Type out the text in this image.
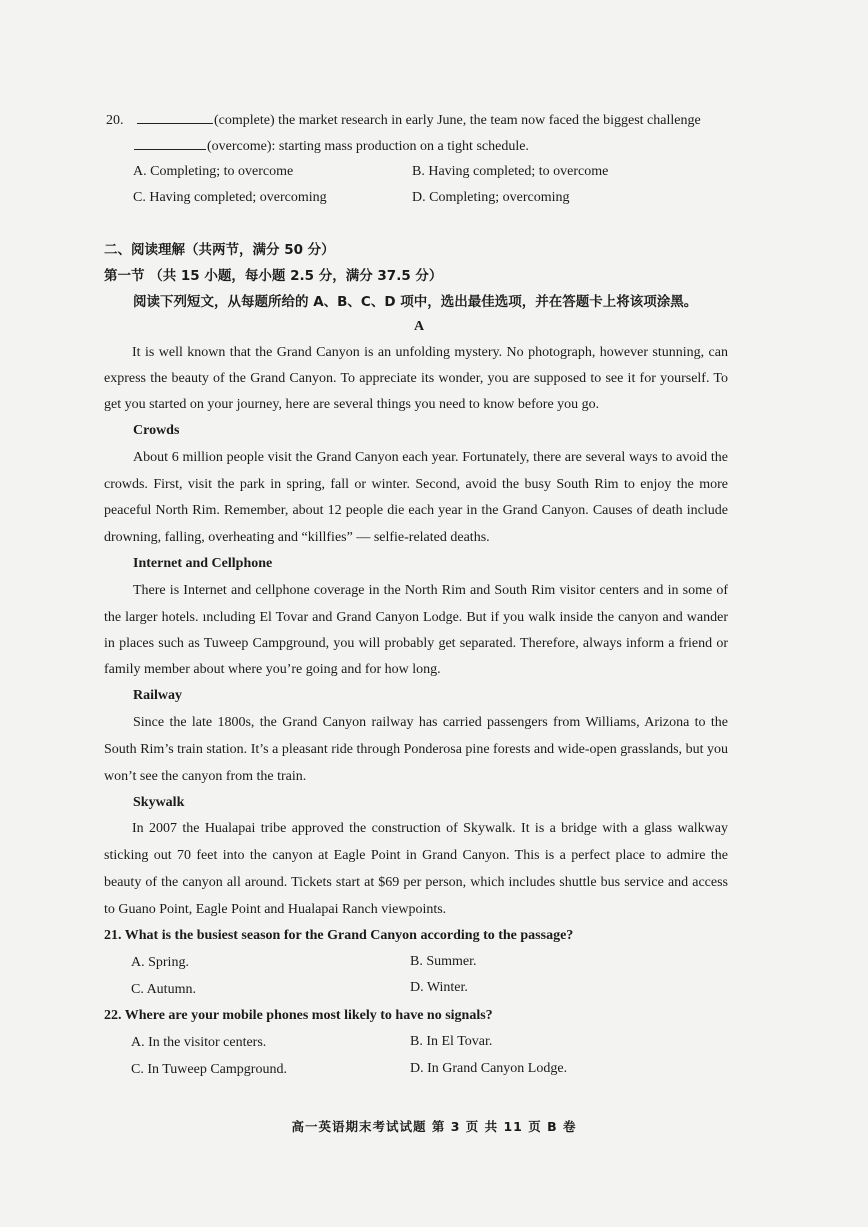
20.	(complete) the market research in early June, the team now faced the biggest challenge
(overcome): starting mass production on a tight schedule.
A. Completing; to overcome	B. Having completed; to overcome
C. Having completed; overcoming	D. Completing; overcoming
二、阅读理解（共两节，满分 50 分）
第一节 （共 15 小题，每小题 2.5 分，满分 37.5 分）
阅读下列短文，从每题所给的 A、B、C、D 项中，选出最佳选项，并在答题卡上将该项涂黑。
A
It is well known that the Grand Canyon is an unfolding mystery. No photograph, however stunning, can
express the beauty of the Grand Canyon. To appreciate its wonder, you are supposed to see it for yourself. To
get you started on your journey, here are several things you need to know before you go.
Crowds
About 6 million people visit the Grand Canyon each year. Fortunately, there are several ways to avoid the
crowds. First, visit the park in spring, fall or winter. Second, avoid the busy South Rim to enjoy the more
peaceful North Rim. Remember, about 12 people die each year in the Grand Canyon. Causes of death include
drowning, falling, overheating and “killfies” — selfie-related deaths.
Internet and Cellphone
There is Internet and cellphone coverage in the North Rim and South Rim visitor centers and in some of
the larger hotels. ıncluding El Tovar and Grand Canyon Lodge. But if you walk inside the canyon and wander
in places such as Tuweep Campground, you will probably get separated. Therefore, always inform a friend or
family member about where you’re going and for how long.
Railway
Since the late 1800s, the Grand Canyon railway has carried passengers from Williams, Arizona to the
South Rim’s train station. It’s a pleasant ride through Ponderosa pine forests and wide-open grasslands, but you
won’t see the canyon from the train.
Skywalk
In 2007 the Hualapai tribe approved the construction of Skywalk. It is a bridge with a glass walkway
sticking out 70 feet into the canyon at Eagle Point in Grand Canyon. This is a perfect place to admire the
beauty of the canyon all around. Tickets start at $69 per person, which includes shuttle bus service and access
to Guano Point, Eagle Point and Hualapai Ranch viewpoints.
21. What is the busiest season for the Grand Canyon according to the passage?
A. Spring.	B. Summer.
C. Autumn.	D. Winter.
22. Where are your mobile phones most likely to have no signals?
A. In the visitor centers.	B. In El Tovar.
C. In Tuweep Campground.	D. In Grand Canyon Lodge.
高一英语期末考试试题 第 3 页 共 11 页 B 卷
